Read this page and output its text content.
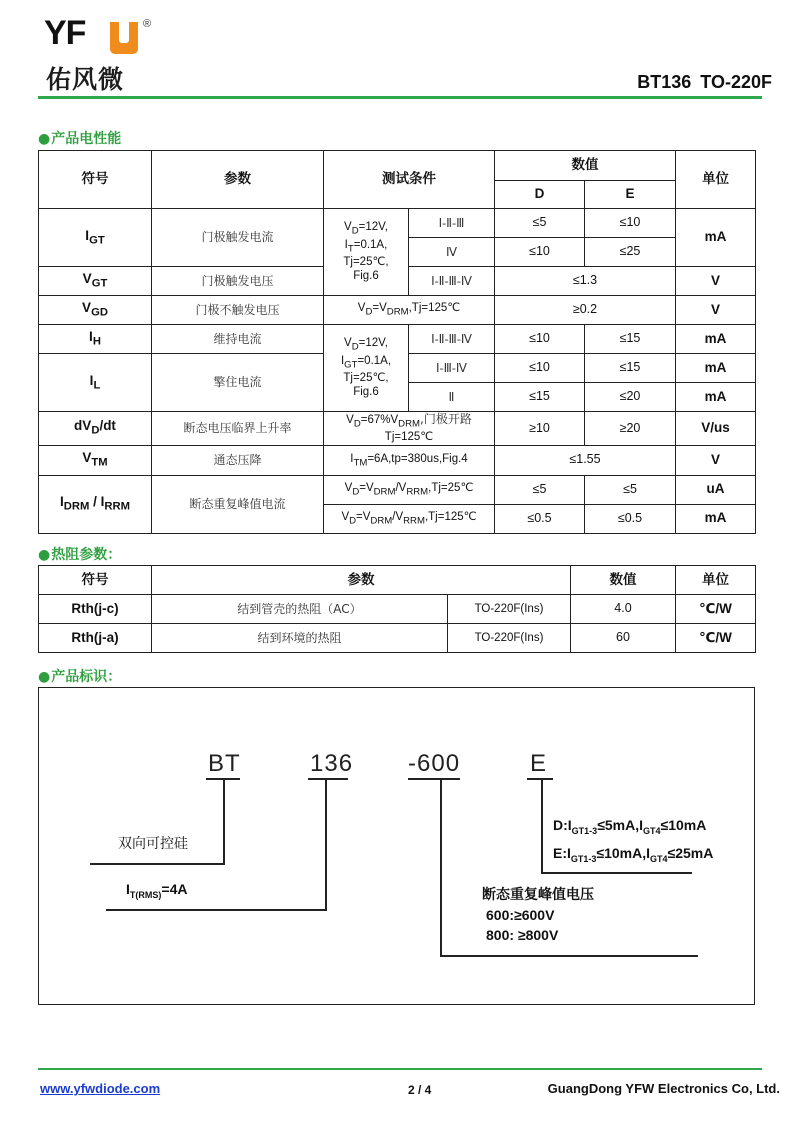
YF	®
佑风微	BT136 TO-220F
●产品电性能
符号	参数	测试条件		数值		单位
				D	E	
$I_{GT}$	门极触发电流	$V_D=12V$,
$I_T=0.1A$,
Tj=25℃,
Fig.6	Ⅰ-Ⅱ-Ⅲ	≤5	≤10	mA
			Ⅳ	≤10	≤25	
$V_{GT}$	门极触发电压		Ⅰ-Ⅱ-Ⅲ-Ⅳ	≤1.3		V
$V_{GD}$	门极不触发电压	$V_D=V_{DRM},Tj=125℃$		≥0.2		V
$I_H$	维持电流	$V_D=12V$,
$I_{GT}=0.1A$,
Tj=25℃,
Fig.6	Ⅰ-Ⅱ-Ⅲ-Ⅳ	≤10	≤15	mA
$I_L$	擎住电流		Ⅰ-Ⅲ-Ⅳ	≤10	≤15	mA
			Ⅱ	≤15	≤20	mA
$dV_D/dt$	断态电压临界上升率	$V_D=67\%V_{DRM}$,门极开路
Tj=125℃		≥10	≥20	V/us
$V_{TM}$	通态压降	$I_{TM}=6A,tp=380us,Fig.4$		≤1.55		V
$I_{DRM} / I_{RRM}$	断态重复峰值电流	$V_D=V_{DRM}/V_{RRM},Tj=25℃$		≤5	≤5	uA
		$V_D=V_{DRM}/V_{RRM},Tj=125℃$		≤0.5	≤0.5	mA
●热阻参数：
符号	参数		数值	单位
Rth(j-c)	结到管壳的热阻（AC）	TO-220F(Ins)	4.0	℃/W
Rth(j-a)	结到环境的热阻	TO-220F(Ins)	60	℃/W
●产品标识：
BT	136 -600	E
双向可控硅
$I_{T(RMS)}=4A$	断态重复峰值电压
600:≥600V
800: ≥800V
$D:I_{GT1-3}\le 5mA,I_{GT4}\le 10mA$
$E:I_{GT1-3}\le 10mA,I_{GT4}\le 25mA$
www.yfwdiode.com	2 / 4	GuangDong YFW Electronics Co, Ltd.
